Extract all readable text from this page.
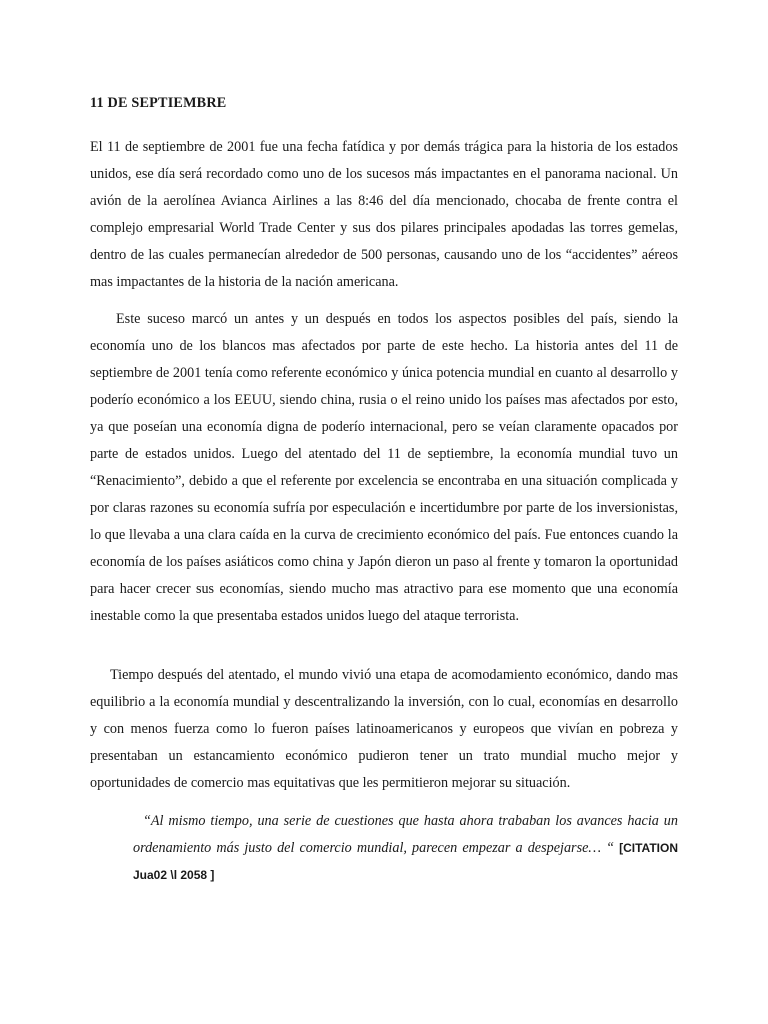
11 DE SEPTIEMBRE

El 11 de septiembre de 2001 fue una fecha fatídica y por demás trágica para la historia de los estados unidos, ese día será recordado como uno de los sucesos más impactantes en el panorama nacional. Un avión de la aerolínea Avianca Airlines a las 8:46 del día mencionado, chocaba de frente contra el complejo empresarial World Trade Center y sus dos pilares principales apodadas las torres gemelas, dentro de las cuales permanecían alrededor de 500 personas, causando uno de los “accidentes” aéreos mas impactantes de la historia de la nación americana.

Este suceso marcó un antes y un después en todos los aspectos posibles del país, siendo la economía uno de los blancos mas afectados por parte de este hecho. La historia antes del 11 de septiembre de 2001 tenía como referente económico y única potencia mundial en cuanto al desarrollo y poderío económico a los EEUU, siendo china, rusia o el reino unido los países mas afectados por esto, ya que poseían una economía digna de poderío internacional, pero se veían claramente opacados por parte de estados unidos. Luego del atentado del 11 de septiembre, la economía mundial tuvo un “Renacimiento”, debido a que el referente por excelencia se encontraba en una situación complicada y por claras razones su economía sufría por especulación e incertidumbre por parte de los inversionistas, lo que llevaba a una clara caída en la curva de crecimiento económico del país. Fue entonces cuando la economía de los países asiáticos como china y Japón dieron un paso al frente y tomaron la oportunidad para hacer crecer sus economías, siendo mucho mas atractivo para ese momento que una economía inestable como la que presentaba estados unidos luego del ataque terrorista.

Tiempo después del atentado, el mundo vivió una etapa de acomodamiento económico, dando mas equilibrio a la economía mundial y descentralizando la inversión, con lo cual, economías en desarrollo y con menos fuerza como lo fueron países latinoamericanos y europeos que vivían en pobreza y presentaban un estancamiento económico pudieron tener un trato mundial mucho mejor y oportunidades de comercio mas equitativas que les permitieron mejorar su situación.

“Al mismo tiempo, una serie de cuestiones que hasta ahora trababan los avances hacia un ordenamiento más justo del comercio mundial, parecen empezar a despejarse… “ [CITATION Jua02 \l 2058 ]
